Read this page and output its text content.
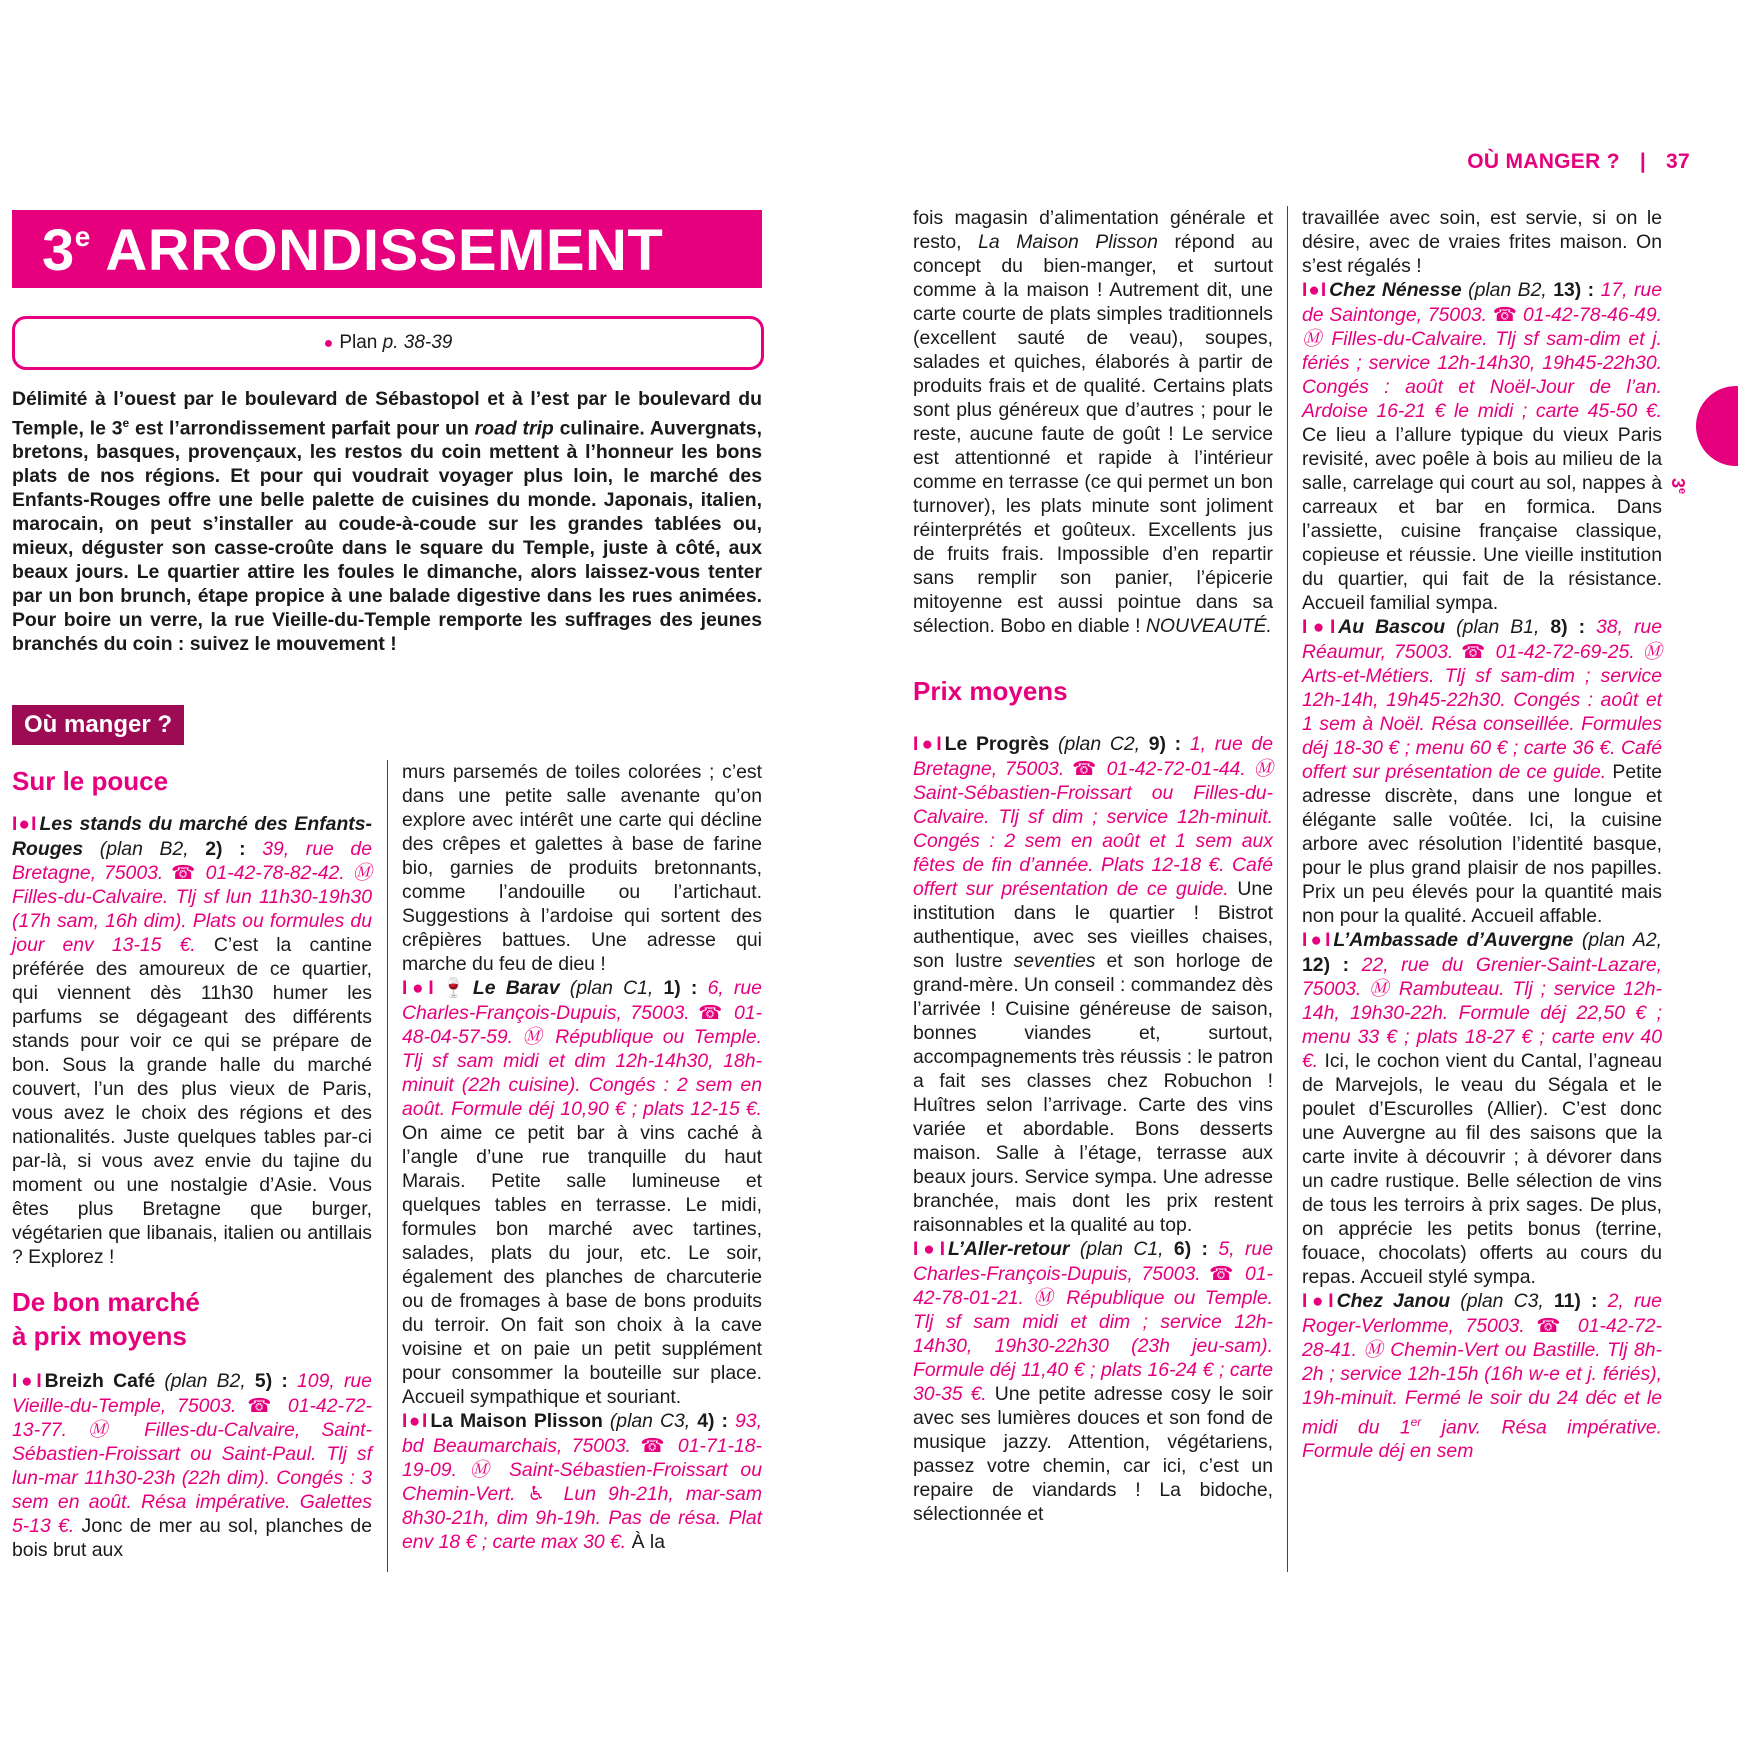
OÙ MANGER ? | 37
3e
3e ARRONDISSEMENT
● Plan p. 38-39

Délimité à l’ouest par le boulevard de Sébastopol et à l’est par le boulevard du Temple, le 3e est l’arrondissement parfait pour un road trip culinaire. Auvergnats, bretons, basques, provençaux, les restos du coin mettent à l’honneur les bons plats de nos régions. Et pour qui voudrait voyager plus loin, le marché des Enfants-Rouges offre une belle palette de cuisines du monde. Japonais, italien, marocain, on peut s’installer au coude-à-coude sur les grandes tablées ou, mieux, déguster son casse-croûte dans le square du Temple, juste à côté, aux beaux jours. Le quartier attire les foules le dimanche, alors laissez-vous tenter par un bon brunch, étape propice à une balade digestive dans les rues animées. Pour boire un verre, la rue Vieille-du-Temple remporte les suffrages des jeunes branchés du coin : suivez le mouvement !

Où manger ?
Sur le pouce

I●I Les stands du marché des Enfants-Rouges (plan B2, 2) : 39, rue de Bretagne, 75003. ☎ 01-42-78-82-42. Ⓜ Filles-du-Calvaire. Tlj sf lun 11h30-19h30 (17h sam, 16h dim). Plats ou formules du jour env 13-15 €. C’est la cantine préférée des amoureux de ce quartier, qui viennent dès 11h30 humer les parfums se dégageant des différents stands pour voir ce qui se prépare de bon. Sous la grande halle du marché couvert, l’un des plus vieux de Paris, vous avez le choix des régions et des nationalités. Juste quelques tables par-ci par-là, si vous avez envie du tajine du moment ou une nostalgie d’Asie. Vous êtes plus Bretagne que burger, végétarien que libanais, italien ou antillais ? Explorez !

De bon marché
à prix moyens

I●I Breizh Café (plan B2, 5) : 109, rue Vieille-du-Temple, 75003. ☎ 01-42-72-13-77. Ⓜ Filles-du-Calvaire, Saint-Sébastien-Froissart ou Saint-Paul. Tlj sf lun-mar 11h30-23h (22h dim). Congés : 3 sem en août. Résa impérative. Galettes 5-13 €. Jonc de mer au sol, planches de bois brut aux

murs parsemés de toiles colorées ; c’est dans une petite salle avenante qu’on explore avec intérêt une carte qui décline des crêpes et galettes à base de farine bio, garnies de produits bretonnants, comme l’andouille ou l’artichaut. Suggestions à l’ardoise qui sortent des crêpières battues. Une adresse qui marche du feu de dieu !

I●I 🍷 Le Barav (plan C1, 1) : 6, rue Charles-François-Dupuis, 75003. ☎ 01-48-04-57-59. Ⓜ République ou Temple. Tlj sf sam midi et dim 12h-14h30, 18h-minuit (22h cuisine). Congés : 2 sem en août. Formule déj 10,90 € ; plats 12-15 €. On aime ce petit bar à vins caché à l’angle d’une rue tranquille du haut Marais. Petite salle lumineuse et quelques tables en terrasse. Le midi, formules bon marché avec tartines, salades, plats du jour, etc. Le soir, également des planches de charcuterie ou de fromages à base de bons produits du terroir. On fait son choix à la cave voisine et on paie un petit supplément pour consommer la bouteille sur place. Accueil sympathique et souriant.

I●I La Maison Plisson (plan C3, 4) : 93, bd Beaumarchais, 75003. ☎ 01-71-18-19-09. Ⓜ Saint-Sébastien-Froissart ou Chemin-Vert. ♿ Lun 9h-21h, mar-sam 8h30-21h, dim 9h-19h. Pas de résa. Plat env 18 € ; carte max 30 €. À la

fois magasin d’alimentation générale et resto, La Maison Plisson répond au concept du bien-manger, et surtout comme à la maison ! Autrement dit, une carte courte de plats simples traditionnels (excellent sauté de veau), soupes, salades et quiches, élaborés à partir de produits frais et de qualité. Certains plats sont plus généreux que d’autres ; pour le reste, aucune faute de goût ! Le service est attentionné et rapide à l’intérieur comme en terrasse (ce qui permet un bon turnover), les plats minute sont joliment réinterprétés et goûteux. Excellents jus de fruits frais. Impossible d’en repartir sans remplir son panier, l’épicerie mitoyenne est aussi pointue dans sa sélection. Bobo en diable ! NOUVEAUTÉ.

Prix moyens

I●I Le Progrès (plan C2, 9) : 1, rue de Bretagne, 75003. ☎ 01-42-72-01-44. Ⓜ Saint-Sébastien-Froissart ou Filles-du-Calvaire. Tlj sf dim ; service 12h-minuit. Congés : 2 sem en août et 1 sem aux fêtes de fin d’année. Plats 12-18 €. Café offert sur présentation de ce guide. Une institution dans le quartier ! Bistrot authentique, avec ses vieilles chaises, son lustre seventies et son horloge de grand-mère. Un conseil : commandez dès l’arrivée ! Cuisine généreuse de saison, bonnes viandes et, surtout, accompagnements très réussis : le patron a fait ses classes chez Robuchon ! Huîtres selon l’arrivage. Carte des vins variée et abordable. Bons desserts maison. Salle à l’étage, terrasse aux beaux jours. Service sympa. Une adresse branchée, mais dont les prix restent raisonnables et la qualité au top.

I●I L’Aller-retour (plan C1, 6) : 5, rue Charles-François-Dupuis, 75003. ☎ 01-42-78-01-21. Ⓜ République ou Temple. Tlj sf sam midi et dim ; service 12h-14h30, 19h30-22h30 (23h jeu-sam). Formule déj 11,40 € ; plats 16-24 € ; carte 30-35 €. Une petite adresse cosy le soir avec ses lumières douces et son fond de musique jazzy. Attention, végétariens, passez votre chemin, car ici, c’est un repaire de viandards ! La bidoche, sélectionnée et

travaillée avec soin, est servie, si on le désire, avec de vraies frites maison. On s’est régalés !

I●I Chez Nénesse (plan B2, 13) : 17, rue de Saintonge, 75003. ☎ 01-42-78-46-49. Ⓜ Filles-du-Calvaire. Tlj sf sam-dim et j. fériés ; service 12h-14h30, 19h45-22h30. Congés : août et Noël-Jour de l’an. Ardoise 16-21 € le midi ; carte 45-50 €. Ce lieu a l’allure typique du vieux Paris revisité, avec poêle à bois au milieu de la salle, carrelage qui court au sol, nappes à carreaux et bar en formica. Dans l’assiette, cuisine française classique, copieuse et réussie. Une vieille institution du quartier, qui fait de la résistance. Accueil familial sympa.

I●I Au Bascou (plan B1, 8) : 38, rue Réaumur, 75003. ☎ 01-42-72-69-25. Ⓜ Arts-et-Métiers. Tlj sf sam-dim ; service 12h-14h, 19h45-22h30. Congés : août et 1 sem à Noël. Résa conseillée. Formules déj 18-30 € ; menu 60 € ; carte 36 €. Café offert sur présentation de ce guide. Petite adresse discrète, dans une longue et élégante salle voûtée. Ici, la cuisine arbore avec résolution l’identité basque, pour le plus grand plaisir de nos papilles. Prix un peu élevés pour la quantité mais non pour la qualité. Accueil affable.

I●I L’Ambassade d’Auvergne (plan A2, 12) : 22, rue du Grenier-Saint-Lazare, 75003. Ⓜ Rambuteau. Tlj ; service 12h-14h, 19h30-22h. Formule déj 22,50 € ; menu 33 € ; plats 18-27 € ; carte env 40 €. Ici, le cochon vient du Cantal, l’agneau de Marvejols, le veau du Ségala et le poulet d’Escurolles (Allier). C’est donc une Auvergne au fil des saisons que la carte invite à découvrir ; à dévorer dans un cadre rustique. Belle sélection de vins de tous les terroirs à prix sages. De plus, on apprécie les petits bonus (terrine, fouace, chocolats) offerts au cours du repas. Accueil stylé sympa.

I●I Chez Janou (plan C3, 11) : 2, rue Roger-Verlomme, 75003. ☎ 01-42-72-28-41. Ⓜ Chemin-Vert ou Bastille. Tlj 8h-2h ; service 12h-15h (16h w-e et j. fériés), 19h-minuit. Fermé le soir du 24 déc et le midi du 1er janv. Résa impérative. Formule déj en sem
